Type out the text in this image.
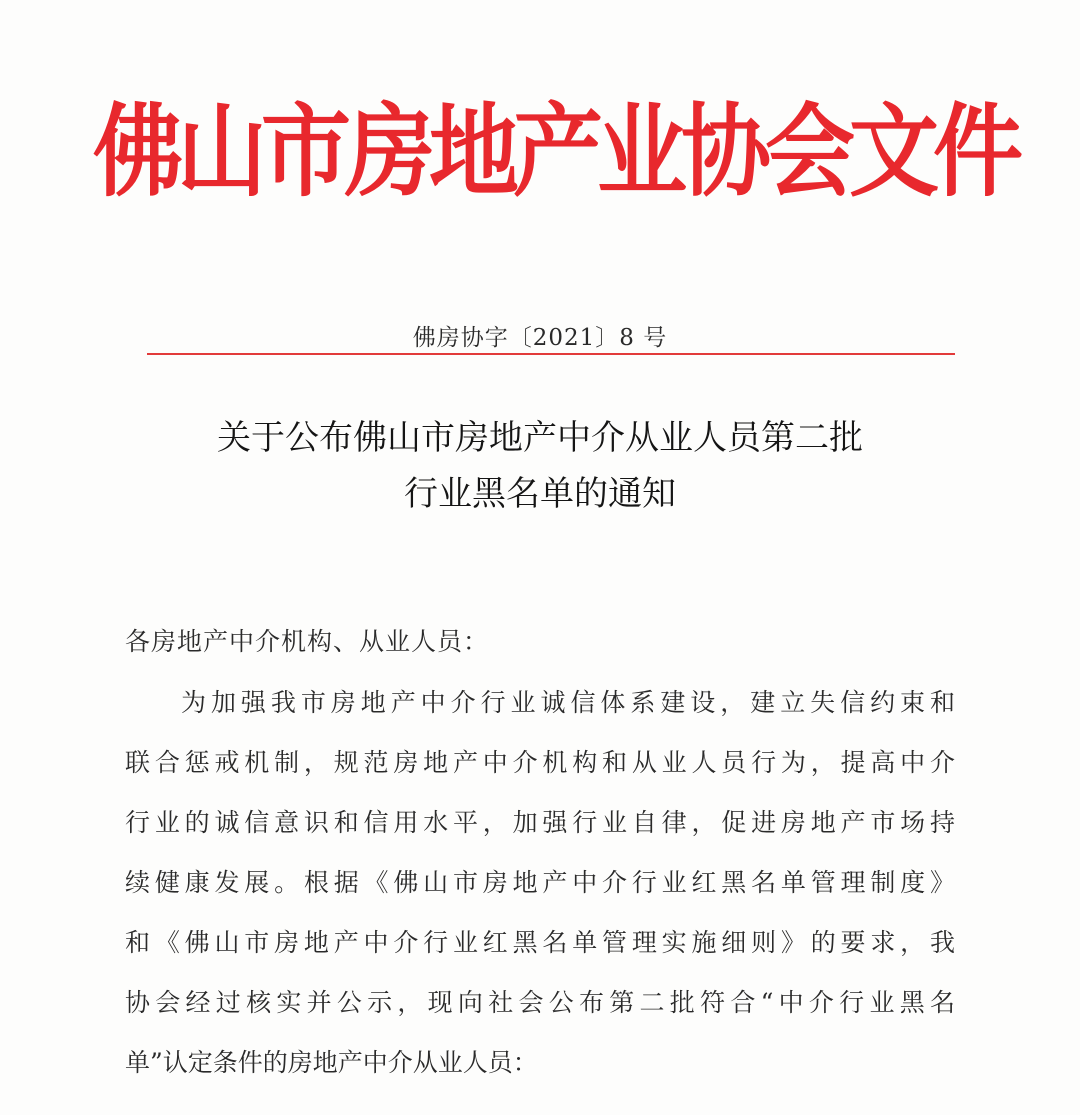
佛山市房地产业协会文件
佛房协字〔2021〕8 号
关于公布佛山市房地产中介从业人员第二批
行业黑名单的通知
各房地产中介机构、从业人员：
为加强我市房地产中介行业诚信体系建设，建立失信约束和
联合惩戒机制，规范房地产中介机构和从业人员行为，提高中介
行业的诚信意识和信用水平，加强行业自律，促进房地产市场持
续健康发展。根据《佛山市房地产中介行业红黑名单管理制度》
和《佛山市房地产中介行业红黑名单管理实施细则》的要求，我
协会经过核实并公示，现向社会公布第二批符合“中介行业黑名
单”认定条件的房地产中介从业人员：
